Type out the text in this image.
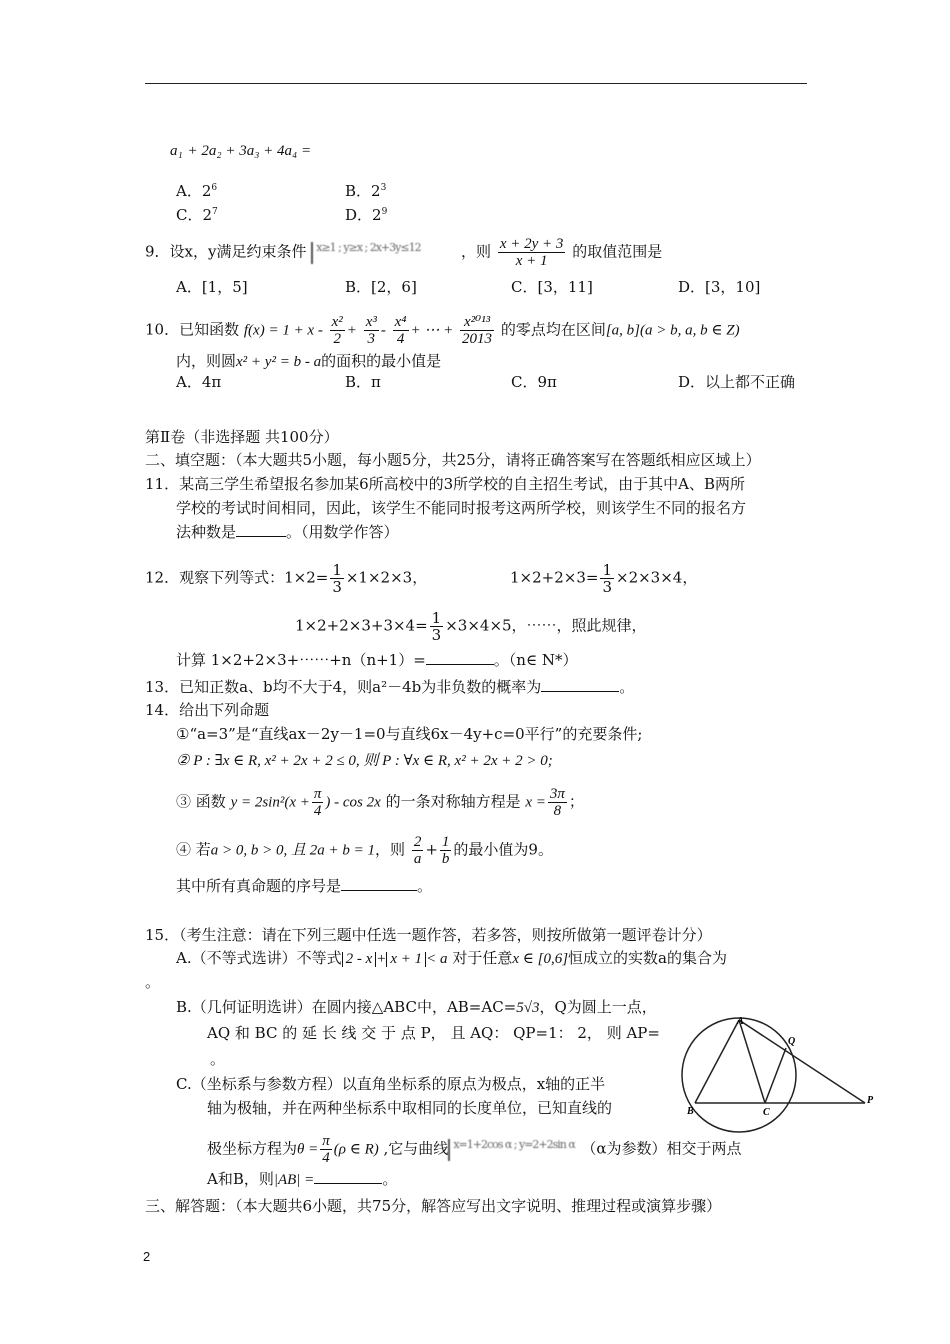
a₁ + 2a₂ + 3a₃ + 4a₄ =
A．$2^6$	B．$2^3$
C．$2^7$	D．$2^9$
9．设x，y满足约束条件 x≥1 ; y≥x ; 2x+3y≤12	，则 $\frac{x + 2y + 3}{x + 1}$ 的取值范围是
A．[1，5]	B．[2，6]	C．[3，11]	D．[3，10]
10．已知函数 $f(x) = 1 + x - \frac{\text{x²}}{2} + \frac{\text{x³}}{3} - \frac{\text{x⁴}}{4}$ + ⋯ + $\frac{\text{x²⁰¹³}}{2013}$ 的零点均在区间[a, b](a > b, a, b ∈ Z)
内，则圆x² + y² = b - a的面积的最小值是
A．4π	B．π	C．9π	D．以上都不正确
第Ⅱ卷（非选择题 共100分）
二、填空题：（本大题共5小题，每小题5分，共25分，请将正确答案写在答题纸相应区域上）
11．某高三学生希望报名参加某6所高校中的3所学校的自主招生考试，由于其中A、B两所
学校的考试时间相同，因此，该学生不能同时报考这两所学校，则该学生不同的报名方
法种数是	。（用数学作答）
12．观察下列等式：$1\times 2= \frac{1}{3} \times 1\times 2\times 3$，	$1\times 2+2\times 3= \frac{1}{3} \times 2\times 3\times 4$，
$1\times 2+2\times 3+3\times 4= \frac{1}{3} \times 3\times 4\times 5$，⋯⋯，照此规律，
计算 1×2+2×3+⋯⋯+n（n+1）=	。（n∈ N*）
13．已知正数a、b均不大于4，则a²－4b为非负数的概率为	。
14．给出下列命题
①“a=3”是“直线ax－2y－1=0与直线6x－4y+c=0平行”的充要条件;
② P : ∃x ∈ R, x² + 2x + 2 ≤ 0, 则 P : ∀x ∈ R, x² + 2x + 2 > 0;
③ 函数 $y = 2\sin^2(x + \frac{\pi}{4}$ ) - cos 2x 的一条对称轴方程是 $x = \frac{3\pi}{8}$ ；
④ 若a > 0, b > 0, 且 2a + b = 1，则 $\frac{2}{a} + \frac{1}{b}$ 的最小值为9。
其中所有真命题的序号是	。
15．（考生注意：请在下列三题中任选一题作答，若多答，则按所做第一题评卷计分）
A.（不等式选讲）不等式 2 - x + x + 1 < a 对于任意x ∈ [0,6]恒成立的实数a的集合为
。
B.（几何证明选讲）在圆内接△ABC中，AB=AC=5√3，Q为圆上一点，
AQ 和 BC 的 延 长 线 交 于 点 P， 且 AQ： QP=1： 2， 则 AP=
。
C.（坐标系与参数方程）以直角坐标系的原点为极点，x轴的正半
轴为极轴，并在两种坐标系中取相同的长度单位，已知直线的
极坐标方程为$\theta = \frac{\pi}{4} (\rho$ ∈ R) ,它与曲线 x=1+2cos α ; y=2+2sin α （α为参数）相交于两点
A和B，则|AB| =	。
A
B	C
Q
P
三、解答题：（本大题共6小题，共75分，解答应写出文字说明、推理过程或演算步骤）
2
